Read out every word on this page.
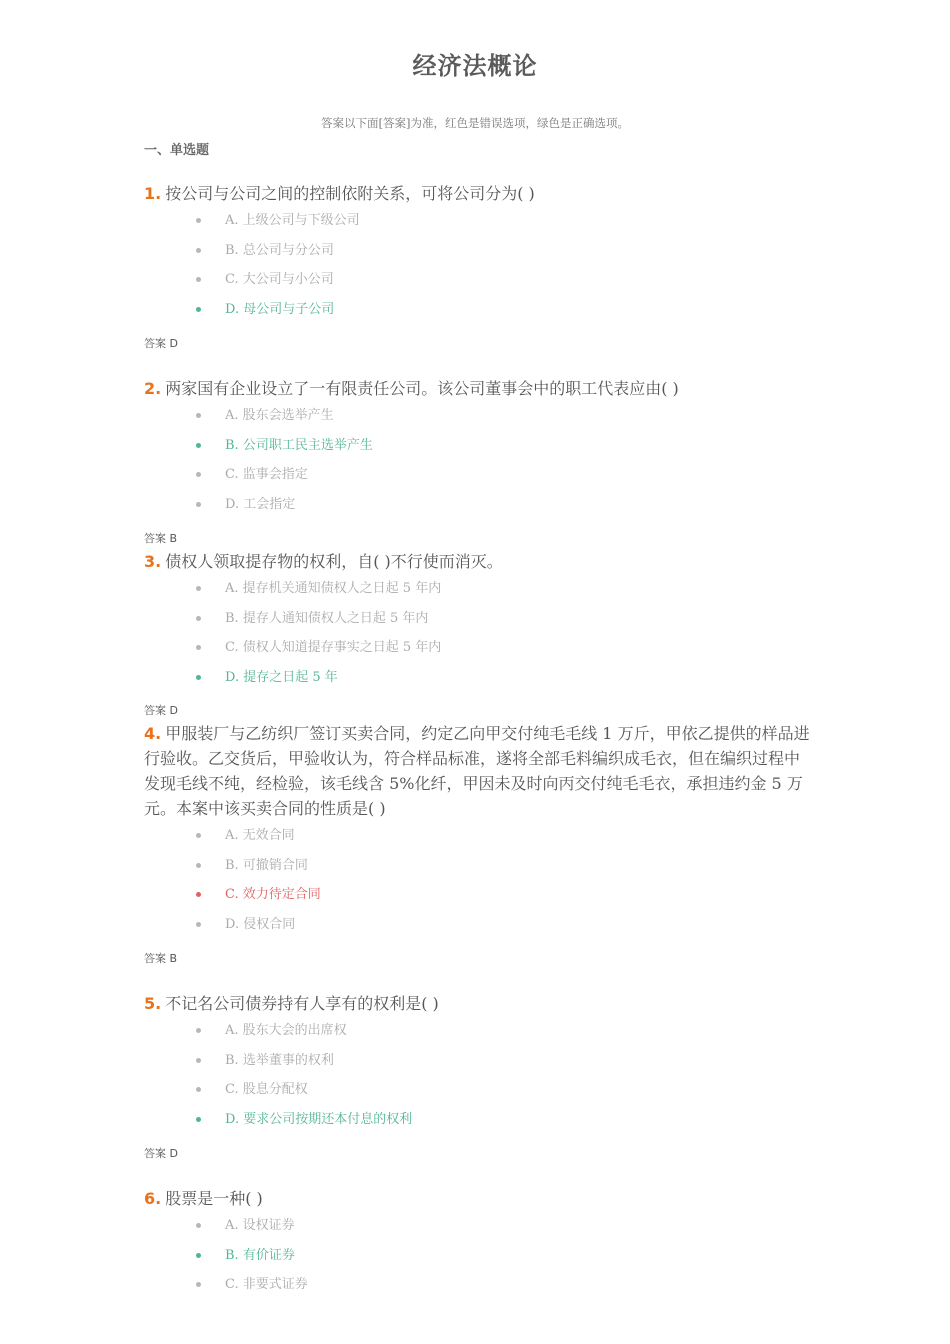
经济法概论
答案以下面[答案]为准，红色是错误选项，绿色是正确选项。
一、单选题
1. 按公司与公司之间的控制依附关系，可将公司分为( )
A. 上级公司与下级公司
B. 总公司与分公司
C. 大公司与小公司
D. 母公司与子公司
答案 D
2. 两家国有企业设立了一有限责任公司。该公司董事会中的职工代表应由( )
A. 股东会选举产生
B. 公司职工民主选举产生
C. 监事会指定
D. 工会指定
答案 B
3. 债权人领取提存物的权利，自( )不行使而消灭。
A. 提存机关通知债权人之日起 5 年内
B. 提存人通知债权人之日起 5 年内
C. 债权人知道提存事实之日起 5 年内
D. 提存之日起 5 年
答案 D
4. 甲服装厂与乙纺织厂签订买卖合同，约定乙向甲交付纯毛毛线 1 万斤，甲依乙提供的样品进行验收。乙交货后，甲验收认为，符合样品标准，遂将全部毛料编织成毛衣，但在编织过程中发现毛线不纯，经检验，该毛线含 5%化纤，甲因未及时向丙交付纯毛毛衣，承担违约金 5 万元。本案中该买卖合同的性质是( )
A. 无效合同
B. 可撤销合同
C. 效力待定合同
D. 侵权合同
答案 B
5. 不记名公司债券持有人享有的权利是( )
A. 股东大会的出席权
B. 选举董事的权利
C. 股息分配权
D. 要求公司按期还本付息的权利
答案 D
6. 股票是一种( )
A. 设权证券
B. 有价证券
C. 非要式证券
